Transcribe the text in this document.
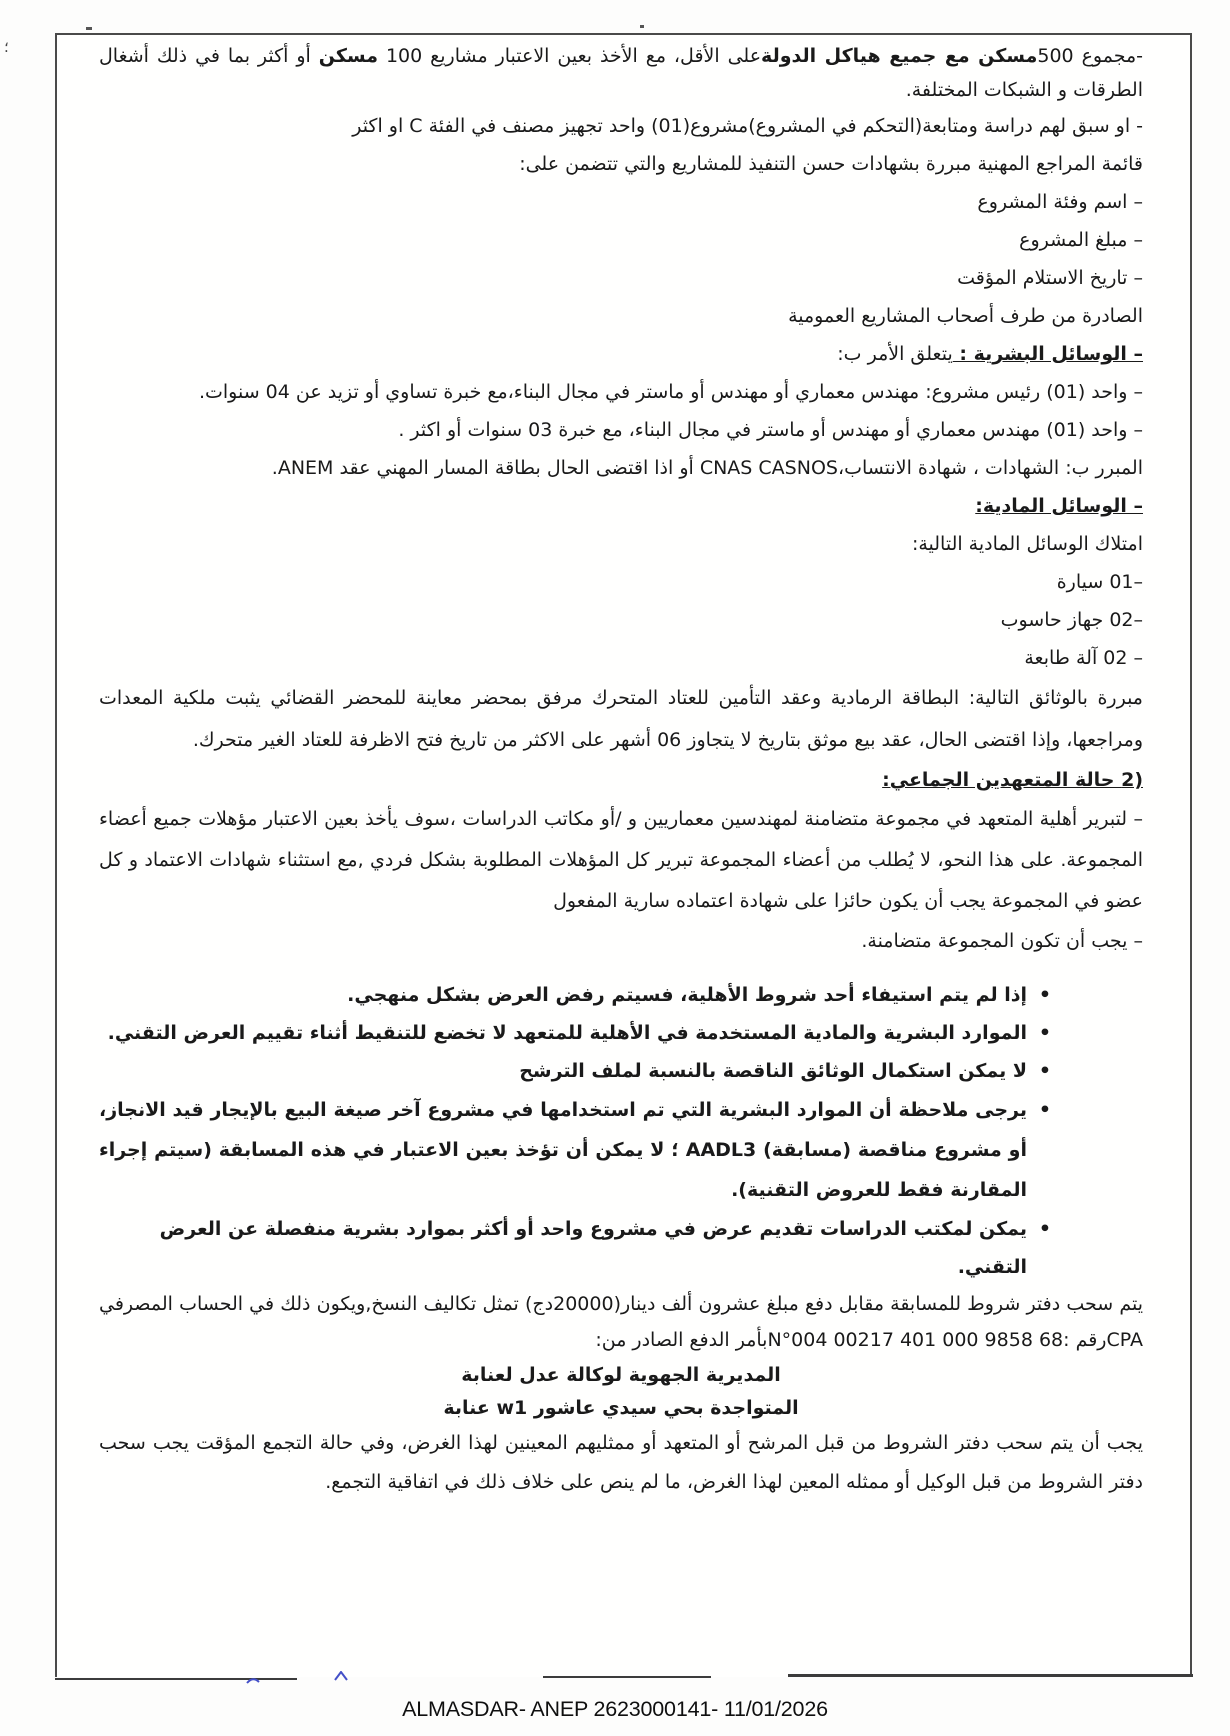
؛	-مجموع 500مسكن مع جميع هياكل الدولةعلى الأقل، مع الأخذ بعين الاعتبار مشاريع 100 مسكن أو أكثر بما في ذلك أشغال الطرقات و الشبكات المختلفة.

- او سبق لهم دراسة ومتابعة(التحكم في المشروع)مشروع(01) واحد تجهيز مصنف في الفئة C او اكثر

قائمة المراجع المهنية مبررة بشهادات حسن التنفيذ للمشاريع والتي تتضمن على:

– اسم وفئة المشروع

– مبلغ المشروع

– تاريخ الاستلام المؤقت

الصادرة من طرف أصحاب المشاريع العمومية

– الوسائل البشرية : يتعلق الأمر ب:

– واحد (01) رئيس مشروع: مهندس معماري أو مهندس أو ماستر في مجال البناء،مع خبرة تساوي أو تزيد عن 04 سنوات.

– واحد (01) مهندس معماري أو مهندس أو ماستر في مجال البناء، مع خبرة 03 سنوات أو اكثر .

المبرر ب: الشهادات ، شهادة الانتساب،CNAS CASNOS أو اذا اقتضى الحال بطاقة المسار المهني عقد ANEM.

– الوسائل المادية:

امتلاك الوسائل المادية التالية:

–01 سيارة

–02 جهاز حاسوب

– 02 آلة طابعة

مبررة بالوثائق التالية: البطاقة الرمادية وعقد التأمين للعتاد المتحرك مرفق بمحضر معاينة للمحضر القضائي يثبت ملكية المعدات ومراجعها، وإذا اقتضى الحال، عقد بيع موثق بتاريخ لا يتجاوز 06 أشهر على الاكثر من تاريخ فتح الاظرفة للعتاد الغير متحرك.

2) حالة المتعهدين الجماعي:

– لتبرير أهلية المتعهد في مجموعة متضامنة لمهندسين معماريين و /أو مكاتب الدراسات ،سوف يأخذ بعين الاعتبار مؤهلات جميع أعضاء المجموعة. على هذا النحو، لا يُطلب من أعضاء المجموعة تبرير كل المؤهلات المطلوبة بشكل فردي ,مع استثناء شهادات الاعتماد و كل عضو في المجموعة يجب أن يكون حائزا على شهادة اعتماده سارية المفعول

– يجب أن تكون المجموعة متضامنة.

•

إذا لم يتم استيفاء أحد شروط الأهلية، فسيتم رفض العرض بشكل منهجي.

•

الموارد البشرية والمادية المستخدمة في الأهلية للمتعهد لا تخضع للتنقيط أثناء تقييم العرض التقني.

•

لا يمكن استكمال الوثائق الناقصة بالنسبة لملف الترشح

•

يرجى ملاحظة أن الموارد البشرية التي تم استخدامها في مشروع آخر صيغة البيع بالإيجار قيد الانجاز، أو مشروع مناقصة (مسابقة) AADL3 ؛ لا يمكن أن تؤخذ بعين الاعتبار في هذه المسابقة (سيتم إجراء المقارنة فقط للعروض التقنية).

•

يمكن لمكتب الدراسات تقديم عرض في مشروع واحد أو أكثر بموارد بشرية منفصلة عن العرض التقني.

يتم سحب دفتر شروط للمسابقة مقابل دفع مبلغ عشرون ألف دينار(20000دج) تمثل تكاليف النسخ,ويكون ذلك في الحساب المصرفي CPAرقم :N°004 00217 401 000 9858 68بأمر الدفع الصادر من:

المديرية الجهوية لوكالة عدل لعنابة

المتواجدة بحي سيدي عاشور w1 عنابة

يجب أن يتم سحب دفتر الشروط من قبل المرشح أو المتعهد أو ممثليهم المعينين لهذا الغرض، وفي حالة التجمع المؤقت يجب سحب دفتر الشروط من قبل الوكيل أو ممثله المعين لهذا الغرض، ما لم ينص على خلاف ذلك في اتفاقية التجمع.

ALMASDAR- ANEP 2623000141- 11/01/2026
